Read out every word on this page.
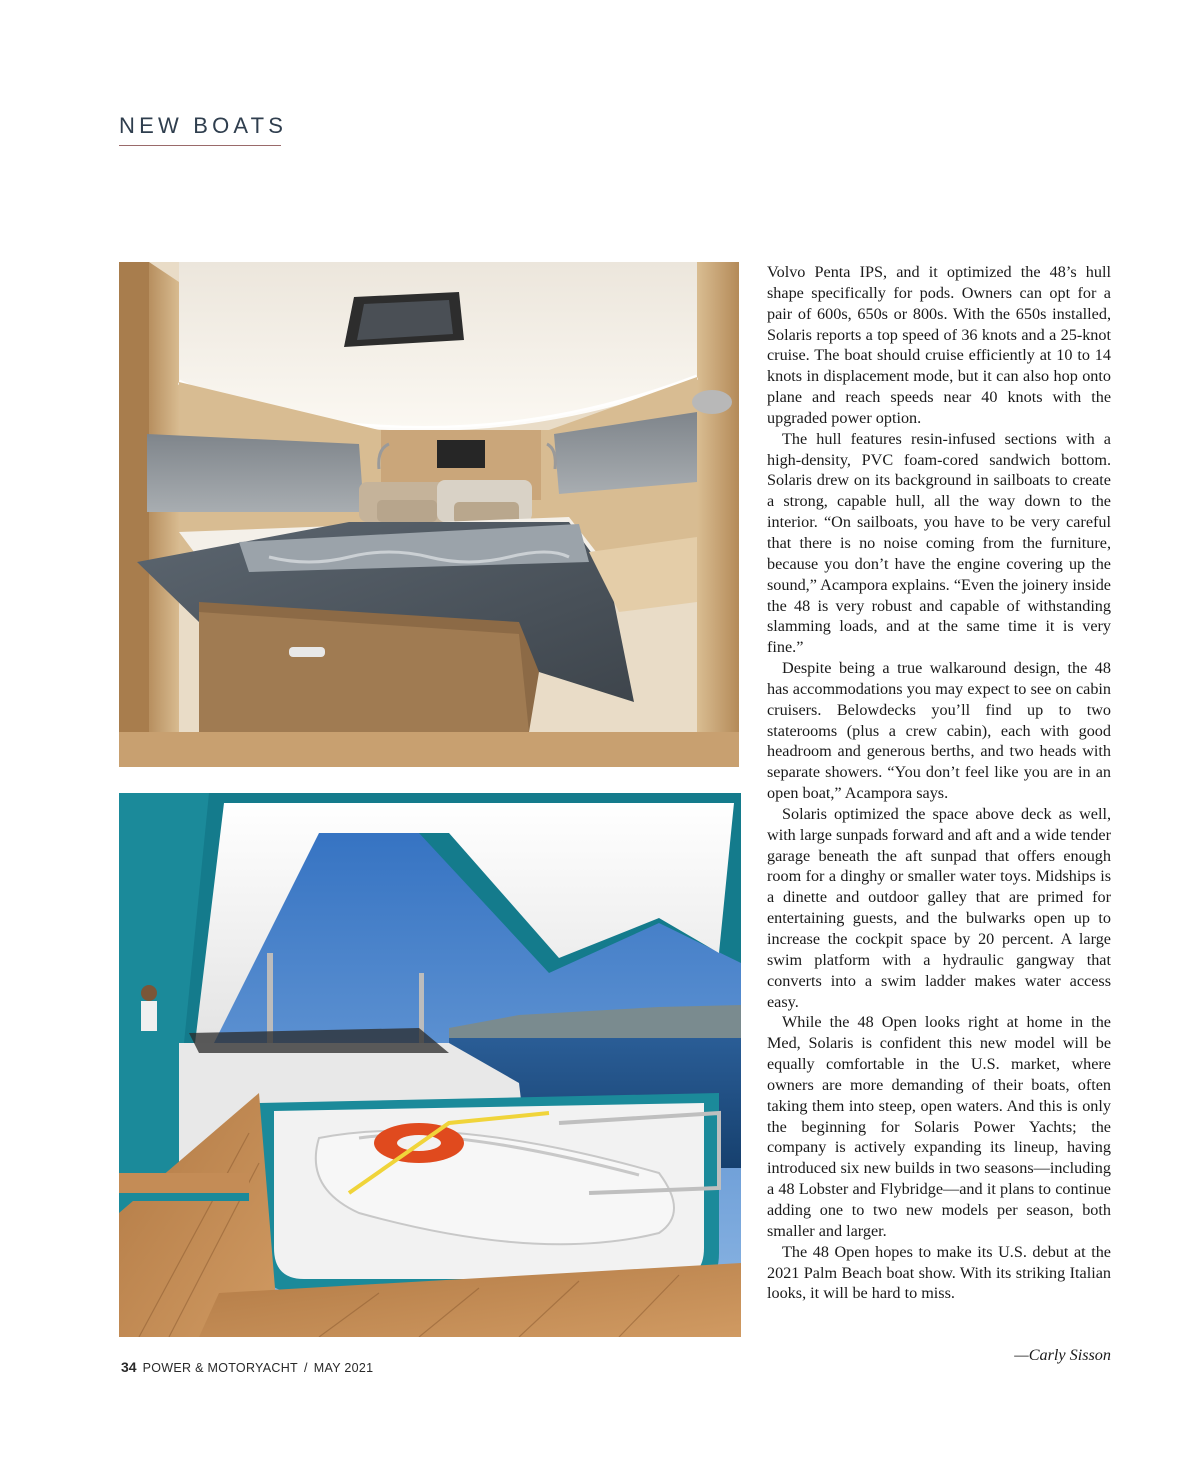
NEW BOATS

Volvo Penta IPS, and it optimized the 48’s hull shape specifically for pods. Owners can opt for a pair of 600s, 650s or 800s. With the 650s installed, Solaris reports a top speed of 36 knots and a 25-knot cruise. The boat should cruise efficiently at 10 to 14 knots in displacement mode, but it can also hop onto plane and reach speeds near 40 knots with the upgraded power option.

The hull features resin-infused sections with a high-density, PVC foam-cored sandwich bottom. Solaris drew on its background in sailboats to create a strong, capable hull, all the way down to the interior. “On sailboats, you have to be very careful that there is no noise coming from the furniture, because you don’t have the engine covering up the sound,” Acampora explains. “Even the joinery inside the 48 is very robust and capable of withstanding slamming loads, and at the same time it is very fine.”

Despite being a true walkaround design, the 48 has accommodations you may expect to see on cabin cruisers. Belowdecks you’ll find up to two staterooms (plus a crew cabin), each with good headroom and generous berths, and two heads with separate showers. “You don’t feel like you are in an open boat,” Acampora says.

Solaris optimized the space above deck as well, with large sunpads forward and aft and a wide tender garage beneath the aft sunpad that offers enough room for a dinghy or smaller water toys. Midships is a dinette and outdoor galley that are primed for entertaining guests, and the bulwarks open up to increase the cockpit space by 20 percent. A large swim platform with a hydraulic gangway that converts into a swim ladder makes water access easy.

While the 48 Open looks right at home in the Med, Solaris is confident this new model will be equally comfortable in the U.S. market, where owners are more demanding of their boats, often taking them into steep, open waters. And this is only the beginning for Solaris Power Yachts; the company is actively expanding its lineup, having introduced six new builds in two seasons—including a 48 Lobster and Flybridge—and it plans to continue adding one to two new models per season, both smaller and larger.

The 48 Open hopes to make its U.S. debut at the 2021 Palm Beach boat show. With its striking Italian looks, it will be hard to miss.

—Carly Sisson

34 POWER & MOTORYACHT / MAY 2021
